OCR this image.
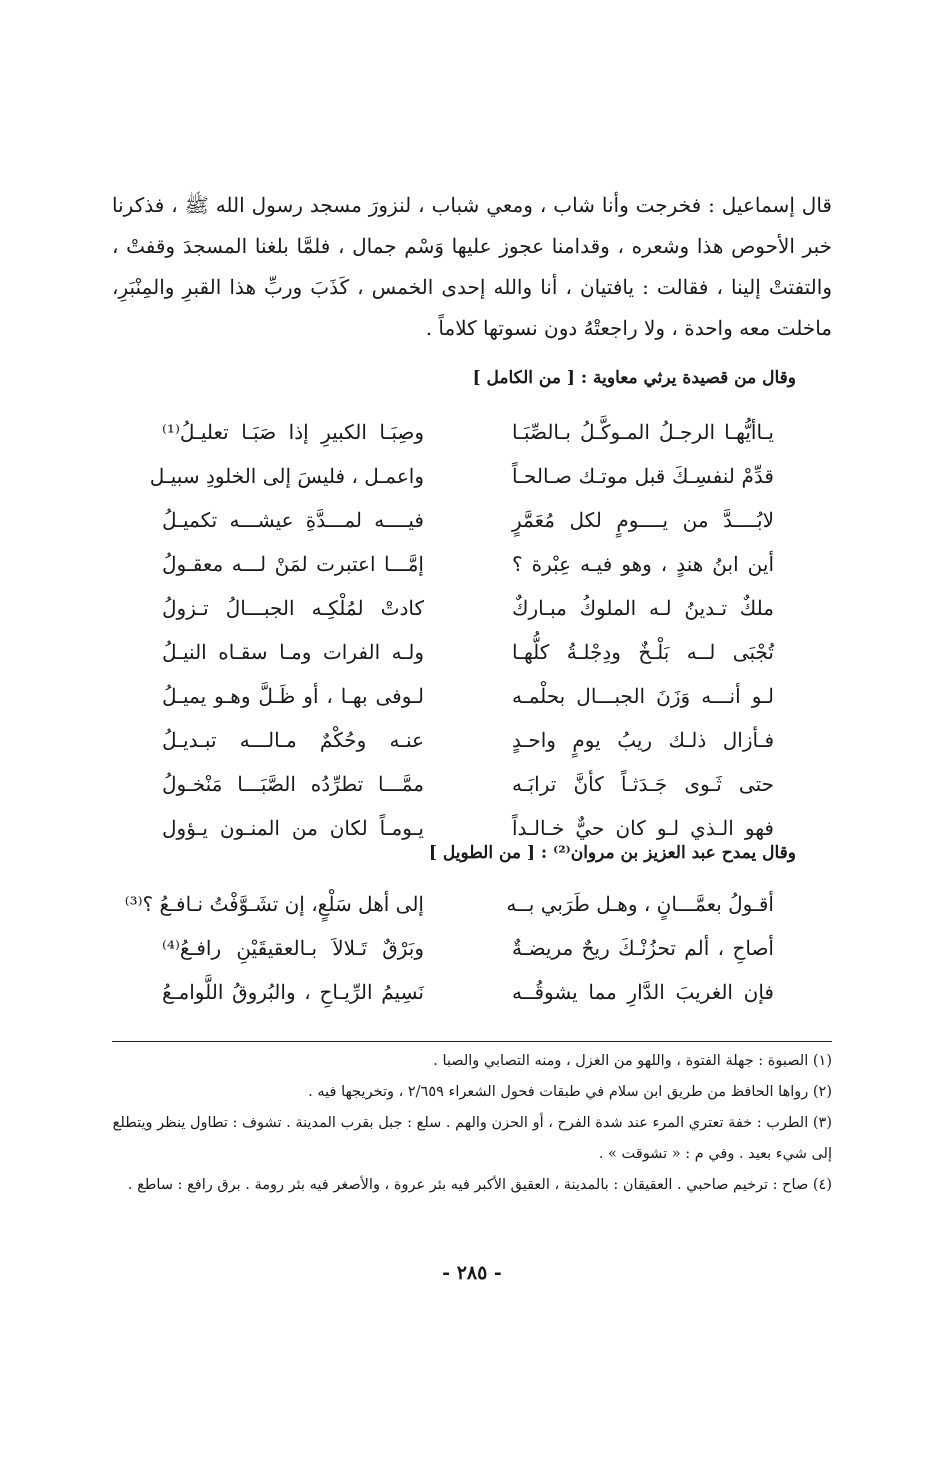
قال إسماعيل : فخرجت وأنا شاب ، ومعي شباب ، لنزورَ مسجد رسول الله ﷺ ، فذكرنا خبر الأحوص هذا وشعره ، وقدامنا عجوز عليها وَسْم جمال ، فلمَّا بلغنا المسجدَ وقفتْ ، والتفتتْ إلينا ، فقالت : يافتيان ، أنا والله إحدى الخمس ، كَذَبَ وربِّ هذا القبرِ والمِنْبَرِ، ماخلت معه واحدة ، ولا راجعتْهُ دون نسوتها كلاماً .

وقال من قصيدة يرثي معاوية : [ من الكامل ]
يـاأيُّهـا الرجـلُ المـوكَّـلُ بـالصِّبَـا
وصِبَـا الكبيرِ إذا صَبَـا تعليـلُ⁽¹⁾
قدِّمْ لنفسِـكَ قبل موتـك صـالحـاً
واعمـل ، فليسَ إلى الخلودِ سبيـل
لابُــــدَّ من يــــومٍ لكل مُعَمَّرٍ
فيــــه لمـــدَّةِ عيشـــه تكميـلُ
أين ابنُ هندٍ ، وهو فيـه عِبْرة ؟
إمَّـــا اعتبرت لمَنْ لـــه معقـولُ
ملكٌ تـدينُ لـه الملوكُ مبـاركٌ
كادتْ لمُلْكِـه الجبـــالُ تـزولُ
تُجْبَى لــه بَلْـخٌ ودِجْلـةُ كلُّهـا
ولـه الفرات ومـا سقـاه النيـلُ
لـو أنـــه وَزَنَ الجبـــال بحلْمـه
لـوفى بهـا ، أو ظَـلَّ وهـو يميـلُ
فـأزال ذلـك ريبُ يومٍ واحـدٍ
عنـه وحُكْمٌ مـالـــه تبـديـلُ
حتى ثَـوى جَـدَثـاً كأنَّ ترابَـه
ممَّـــا تطرِّدُه الصَّبَـــا مَنْخـولُ
فهو الـذي لـو كان حيٌّ خـالـداً
يـومـاً لكان من المنـون يـؤول
وقال يمدح عبد العزيز بن مروان⁽²⁾ : [ من الطويل ]
أقـولُ بعمَّـــانٍ ، وهـل طَرَبي بــه
إلى أهل سَلْعٍ، إن تشَـوَّفْتُ نـافـعُ ؟⁽³⁾
أصاحِ ، ألم تحزُنْـكَ ريحٌ مريضـةٌ
وبَرْقٌ تَـلالاَ بـالعقيقَيْنِ رافـعُ⁽⁴⁾
فإن الغريبَ الدَّارِ مما يشوقُــه
نَسِيمُ الرِّيـاحِ ، والبُروقُ اللَّوامـعُ

(١) الصبوة : جهلة الفتوة ، واللهو من الغزل ، ومنه التصابي والصبا .

(٢) رواها الحافظ من طريق ابن سلام في طبقات فحول الشعراء ٢/٦٥٩ ، وتخريجها فيه .

(٣) الطرب : خفة تعتري المرء عند شدة الفرح ، أو الحزن والهم . سلع : جبل بقرب المدينة . تشوف : تطاول ينظر ويتطلع إلى شيء بعيد . وفي م : « تشوقت » .

(٤) صاح : ترخيم صاحبي . العقيقان : بالمدينة ، العقيق الأكبر فيه بئر عروة ، والأصغر فيه بئر رومة . برق رافع : ساطع .

- ٢٨٥ -
